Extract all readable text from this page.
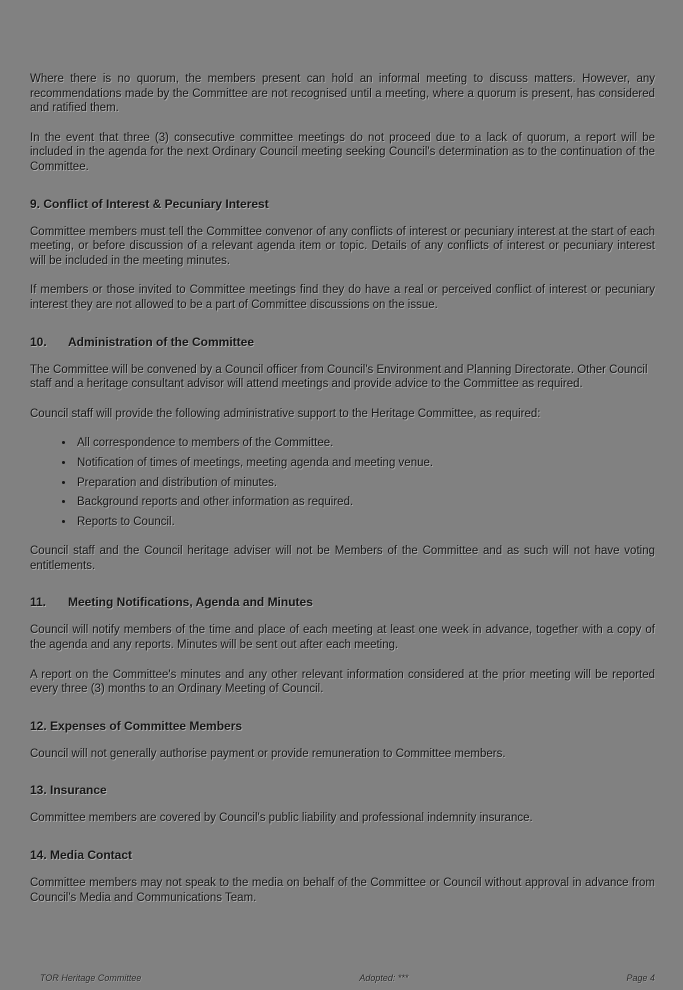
Where there is no quorum, the members present can hold an informal meeting to discuss matters. However, any recommendations made by the Committee are not recognised until a meeting, where a quorum is present, has considered and ratified them.

In the event that three (3) consecutive committee meetings do not proceed due to a lack of quorum, a report will be included in the agenda for the next Ordinary Council meeting seeking Council's determination as to the continuation of the Committee.

9. Conflict of Interest & Pecuniary Interest

Committee members must tell the Committee convenor of any conflicts of interest or pecuniary interest at the start of each meeting, or before discussion of a relevant agenda item or topic. Details of any conflicts of interest or pecuniary interest will be included in the meeting minutes.

If members or those invited to Committee meetings find they do have a real or perceived conflict of interest or pecuniary interest they are not allowed to be a part of Committee discussions on the issue.

10. Administration of the Committee

The Committee will be convened by a Council officer from Council's Environment and Planning Directorate. Other Council staff and a heritage consultant advisor will attend meetings and provide advice to the Committee as required.

Council staff will provide the following administrative support to the Heritage Committee, as required:

• All correspondence to members of the Committee.
• Notification of times of meetings, meeting agenda and meeting venue.
• Preparation and distribution of minutes.
• Background reports and other information as required.
• Reports to Council.

Council staff and the Council heritage adviser will not be Members of the Committee and as such will not have voting entitlements.

11. Meeting Notifications, Agenda and Minutes

Council will notify members of the time and place of each meeting at least one week in advance, together with a copy of the agenda and any reports. Minutes will be sent out after each meeting.

A report on the Committee's minutes and any other relevant information considered at the prior meeting will be reported every three (3) months to an Ordinary Meeting of Council.

12. Expenses of Committee Members

Council will not generally authorise payment or provide remuneration to Committee members.

13. Insurance

Committee members are covered by Council's public liability and professional indemnity insurance.

14. Media Contact

Committee members may not speak to the media on behalf of the Committee or Council without approval in advance from Council's Media and Communications Team.

TOR Heritage Committee	Adopted: ***	Page 4
